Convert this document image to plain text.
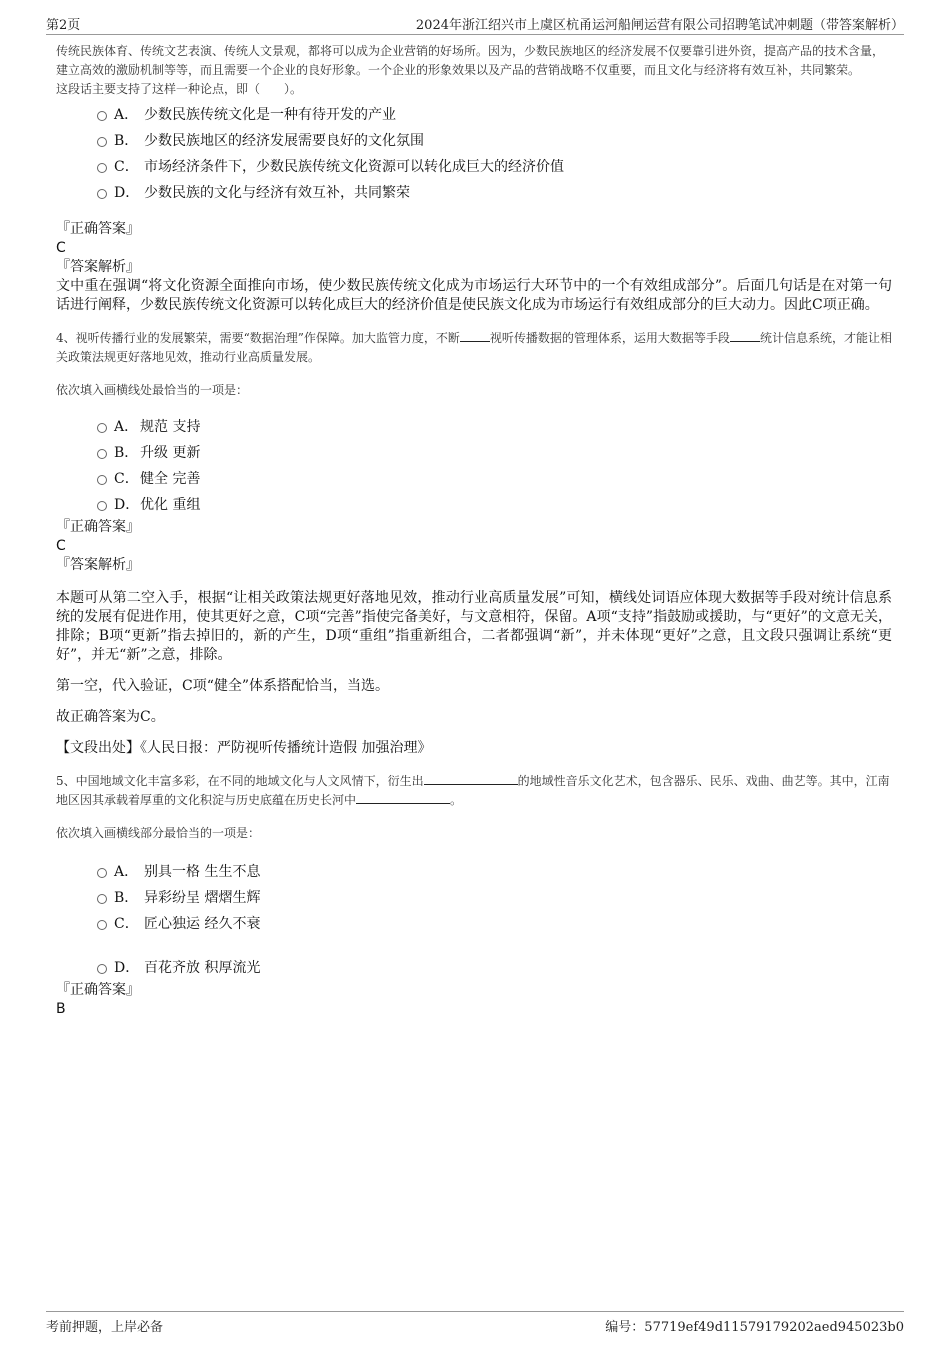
第2页	2024年浙江绍兴市上虞区杭甬运河船闸运营有限公司招聘笔试冲刺题（带答案解析）
传统民族体育、传统文艺表演、传统人文景观，都将可以成为企业营销的好场所。因为，少数民族地区的经济发展不仅要靠引进外资，提高产品的技术含量，建立高效的激励机制等等，而且需要一个企业的良好形象。一个企业的形象效果以及产品的营销战略不仅重要，而且文化与经济将有效互补，共同繁荣。
这段话主要支持了这样一种论点，即（　　）。
A． 少数民族传统文化是一种有待开发的产业
B． 少数民族地区的经济发展需要良好的文化氛围
C． 市场经济条件下，少数民族传统文化资源可以转化成巨大的经济价值
D． 少数民族的文化与经济有效互补，共同繁荣
『正确答案』
C
『答案解析』
文中重在强调“将文化资源全面推向市场，使少数民族传统文化成为市场运行大环节中的一个有效组成部分”。后面几句话是在对第一句话进行阐释，少数民族传统文化资源可以转化成巨大的经济价值是使民族文化成为市场运行有效组成部分的巨大动力。因此C项正确。
4、视听传播行业的发展繁荣，需要“数据治理”作保障。加大监管力度，不断	视听传播数据的管理体系，运用大数据等手段	统计信息系统，才能让相关政策法规更好落地见效，推动行业高质量发展。
依次填入画横线处最恰当的一项是：
A． 规范 支持
B． 升级 更新
C．健全 完善
D．优化 重组
『正确答案』
C
『答案解析』
本题可从第二空入手，根据“让相关政策法规更好落地见效，推动行业高质量发展”可知，横线处词语应体现大数据等手段对统计信息系统的发展有促进作用，使其更好之意，C项“完善”指使完备美好，与文意相符，保留。A项“支持”指鼓励或援助，与“更好”的文意无关，排除；B项“更新”指去掉旧的，新的产生，D项“重组”指重新组合，二者都强调“新”，并未体现“更好”之意，且文段只强调让系统“更好”，并无“新”之意，排除。
第一空，代入验证，C项“健全”体系搭配恰当，当选。
故正确答案为C。
【文段出处】《人民日报：严防视听传播统计造假 加强治理》
5、中国地域文化丰富多彩，在不同的地域文化与人文风情下，衍生出	的地域性音乐文化艺术，包含器乐、民乐、戏曲、曲艺等。其中，江南地区因其承载着厚重的文化积淀与历史底蕴在历史长河中	。
依次填入画横线部分最恰当的一项是：
A． 别具一格 生生不息
B． 异彩纷呈 熠熠生辉
C． 匠心独运 经久不衰
D． 百花齐放 积厚流光
『正确答案』
B
考前押题，上岸必备	编号：57719ef49d11579179202aed945023b0
